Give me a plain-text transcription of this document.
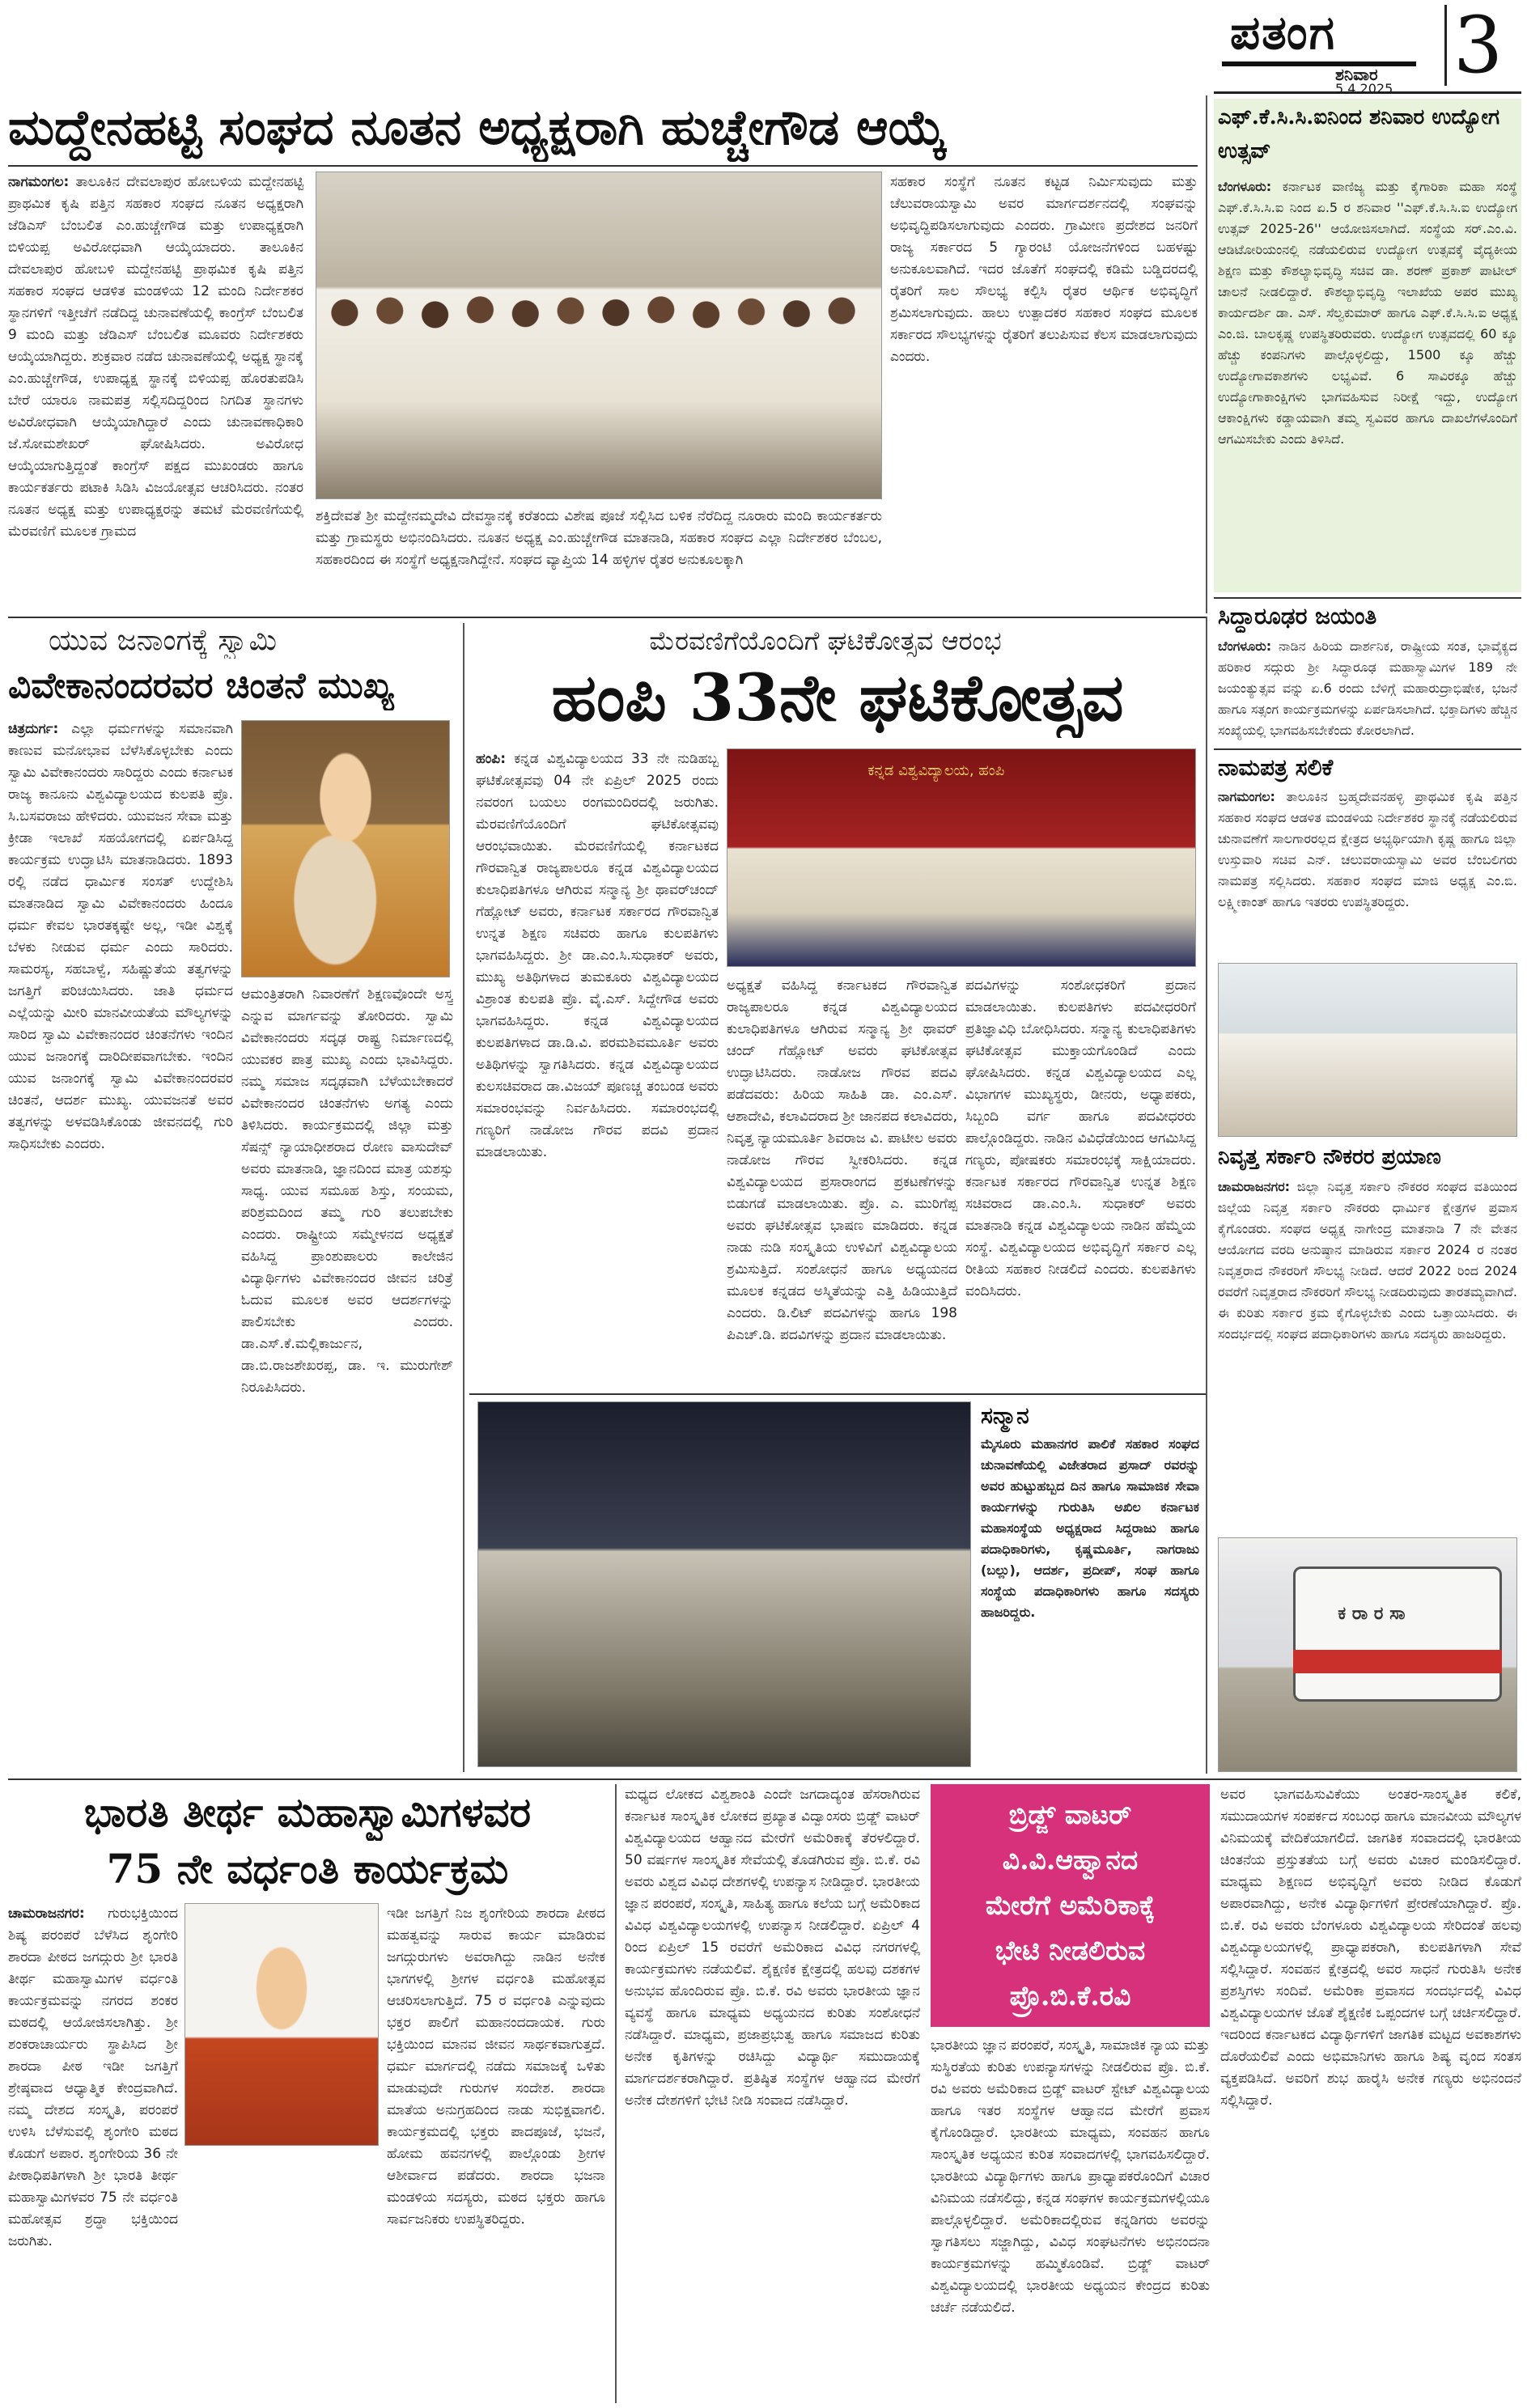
ಪತಂಗ
ಶನಿವಾರ
5.4.2025 3
ಮದ್ದೇನಹಟ್ಟಿ ಸಂಘದ ನೂತನ ಅಧ್ಯಕ್ಷರಾಗಿ ಹುಚ್ಚೇಗೌಡ ಆಯ್ಕೆ
ನಾಗಮಂಗಲ: ತಾಲೂಕಿನ ದೇವಲಾಪುರ ಹೋಬಳಿಯ ಮದ್ದೇನಹಟ್ಟಿ ಪ್ರಾಥಮಿಕ ಕೃಷಿ ಪತ್ತಿನ ಸಹಕಾರ ಸಂಘದ ನೂತನ ಅಧ್ಯಕ್ಷರಾಗಿ ಜೆಡಿಎಸ್ ಬೆಂಬಲಿತ ಎಂ.ಹುಚ್ಚೇಗೌಡ ಮತ್ತು ಉಪಾಧ್ಯಕ್ಷರಾಗಿ ಬಿಳಿಯಪ್ಪ ಅವಿರೋಧವಾಗಿ ಆಯ್ಕೆಯಾದರು. ತಾಲೂಕಿನ ದೇವಲಾಪುರ ಹೋಬಳಿ ಮದ್ದೇನಹಟ್ಟಿ ಪ್ರಾಥಮಿಕ ಕೃಷಿ ಪತ್ತಿನ ಸಹಕಾರ ಸಂಘದ ಆಡಳಿತ ಮಂಡಳಿಯ 12 ಮಂದಿ ನಿರ್ದೇಶಕರ ಸ್ಥಾನಗಳಿಗೆ ಇತ್ತೀಚೆಗೆ ನಡೆದಿದ್ದ ಚುನಾವಣೆಯಲ್ಲಿ ಕಾಂಗ್ರೆಸ್ ಬೆಂಬಲಿತ 9 ಮಂದಿ ಮತ್ತು ಜೆಡಿಎಸ್ ಬೆಂಬಲಿತ ಮೂವರು ನಿರ್ದೇಶಕರು ಆಯ್ಕೆಯಾಗಿದ್ದರು. ಶುಕ್ರವಾರ ನಡೆದ ಚುನಾವಣೆಯಲ್ಲಿ ಅಧ್ಯಕ್ಷ ಸ್ಥಾನಕ್ಕೆ ಎಂ.ಹುಚ್ಚೇಗೌಡ, ಉಪಾಧ್ಯಕ್ಷ ಸ್ಥಾನಕ್ಕೆ ಬಿಳಿಯಪ್ಪ ಹೊರತುಪಡಿಸಿ ಬೇರೆ ಯಾರೂ ನಾಮಪತ್ರ ಸಲ್ಲಿಸದಿದ್ದರಿಂದ ನಿಗದಿತ ಸ್ಥಾನಗಳು ಅವಿರೋಧವಾಗಿ ಆಯ್ಕೆಯಾಗಿದ್ದಾರೆ ಎಂದು ಚುನಾವಣಾಧಿಕಾರಿ ಜೆ.ಸೋಮಶೇಖರ್ ಘೋಷಿಸಿದರು. ಅವಿರೋಧ ಆಯ್ಕೆಯಾಗುತ್ತಿದ್ದಂತೆ ಕಾಂಗ್ರೆಸ್ ಪಕ್ಷದ ಮುಖಂಡರು ಹಾಗೂ ಕಾರ್ಯಕರ್ತರು ಪಟಾಕಿ ಸಿಡಿಸಿ ವಿಜಯೋತ್ಸವ ಆಚರಿಸಿದರು. ನಂತರ ನೂತನ ಅಧ್ಯಕ್ಷ ಮತ್ತು ಉಪಾಧ್ಯಕ್ಷರನ್ನು ತಮಟೆ ಮೆರವಣಿಗೆಯಲ್ಲಿ ಮೆರವಣಿಗೆ ಮೂಲಕ ಗ್ರಾಮದ
ಶಕ್ತಿದೇವತೆ ಶ್ರೀ ಮದ್ದೇನಮ್ಮದೇವಿ ದೇವಸ್ಥಾನಕ್ಕೆ ಕರೆತಂದು ವಿಶೇಷ ಪೂಜೆ ಸಲ್ಲಿಸಿದ ಬಳಿಕ ನೆರೆದಿದ್ದ ನೂರಾರು ಮಂದಿ ಕಾರ್ಯಕರ್ತರು ಮತ್ತು ಗ್ರಾಮಸ್ಥರು ಅಭಿನಂದಿಸಿದರು. ನೂತನ ಅಧ್ಯಕ್ಷ ಎಂ.ಹುಚ್ಚೇಗೌಡ ಮಾತನಾಡಿ, ಸಹಕಾರ ಸಂಘದ ಎಲ್ಲಾ ನಿರ್ದೇಶಕರ ಬೆಂಬಲ, ಸಹಕಾರದಿಂದ ಈ ಸಂಸ್ಥೆಗೆ ಅಧ್ಯಕ್ಷನಾಗಿದ್ದೇನೆ. ಸಂಘದ ವ್ಯಾಪ್ತಿಯ 14 ಹಳ್ಳಿಗಳ ರೈತರ ಅನುಕೂಲಕ್ಕಾಗಿ
ಸಹಕಾರ ಸಂಸ್ಥೆಗೆ ನೂತನ ಕಟ್ಟಡ ನಿರ್ಮಿಸುವುದು ಮತ್ತು ಚೆಲುವರಾಯಸ್ವಾಮಿ ಅವರ ಮಾರ್ಗದರ್ಶನದಲ್ಲಿ ಸಂಘವನ್ನು ಅಭಿವೃದ್ಧಿಪಡಿಸಲಾಗುವುದು ಎಂದರು. ಗ್ರಾಮೀಣ ಪ್ರದೇಶದ ಜನರಿಗೆ ರಾಜ್ಯ ಸರ್ಕಾರದ 5 ಗ್ಯಾರಂಟಿ ಯೋಜನೆಗಳಿಂದ ಬಹಳಷ್ಟು ಅನುಕೂಲವಾಗಿದೆ. ಇದರ ಜೊತೆಗೆ ಸಂಘದಲ್ಲಿ ಕಡಿಮೆ ಬಡ್ಡಿದರದಲ್ಲಿ ರೈತರಿಗೆ ಸಾಲ ಸೌಲಭ್ಯ ಕಲ್ಪಿಸಿ ರೈತರ ಆರ್ಥಿಕ ಅಭಿವೃದ್ಧಿಗೆ ಶ್ರಮಿಸಲಾಗುವುದು. ಹಾಲು ಉತ್ಪಾದಕರ ಸಹಕಾರ ಸಂಘದ ಮೂಲಕ ಸರ್ಕಾರದ ಸೌಲಭ್ಯಗಳನ್ನು ರೈತರಿಗೆ ತಲುಪಿಸುವ ಕೆಲಸ ಮಾಡಲಾಗುವುದು ಎಂದರು.
ಎಫ್.ಕೆ.ಸಿ.ಸಿ.ಐನಿಂದ ಶನಿವಾರ ಉದ್ಯೋಗ ಉತ್ಸವ್
ಬೆಂಗಳೂರು: ಕರ್ನಾಟಕ ವಾಣಿಜ್ಯ ಮತ್ತು ಕೈಗಾರಿಕಾ ಮಹಾ ಸಂಸ್ಥೆ ಎಫ್.ಕೆ.ಸಿ.ಸಿ.ಐ ನಿಂದ ಏ.5 ರ ಶನಿವಾರ ''ಎಫ್.ಕೆ.ಸಿ.ಸಿ.ಐ ಉದ್ಯೋಗ ಉತ್ಸವ್ 2025-26'' ಆಯೋಜಿಸಲಾಗಿದೆ. ಸಂಸ್ಥೆಯ ಸರ್.ಎಂ.ವಿ. ಆಡಿಟೋರಿಯಂನಲ್ಲಿ ನಡೆಯಲಿರುವ ಉದ್ಯೋಗ ಉತ್ಸವಕ್ಕೆ ವೈದ್ಯಕೀಯ ಶಿಕ್ಷಣ ಮತ್ತು ಕೌಶಲ್ಯಾಭಿವೃದ್ಧಿ ಸಚಿವ ಡಾ. ಶರಣ್ ಪ್ರಕಾಶ್ ಪಾಟೀಲ್ ಚಾಲನೆ ನೀಡಲಿದ್ದಾರೆ. ಕೌಶಲ್ಯಾಭಿವೃದ್ಧಿ ಇಲಾಖೆಯ ಅಪರ ಮುಖ್ಯ ಕಾರ್ಯದರ್ಶಿ ಡಾ. ಎಸ್. ಸೆಲ್ವಕುಮಾರ್ ಹಾಗೂ ಎಫ್.ಕೆ.ಸಿ.ಸಿ.ಐ ಅಧ್ಯಕ್ಷ ಎಂ.ಜಿ. ಬಾಲಕೃಷ್ಣ ಉಪಸ್ಥಿತರಿರುವರು. ಉದ್ಯೋಗ ಉತ್ಸವದಲ್ಲಿ 60 ಕ್ಕೂ ಹೆಚ್ಚು ಕಂಪನಿಗಳು ಪಾಲ್ಗೊಳ್ಳಲಿದ್ದು, 1500 ಕ್ಕೂ ಹೆಚ್ಚು ಉದ್ಯೋಗಾವಕಾಶಗಳು ಲಭ್ಯವಿವೆ. 6 ಸಾವಿರಕ್ಕೂ ಹೆಚ್ಚು ಉದ್ಯೋಗಾಕಾಂಕ್ಷಿಗಳು ಭಾಗವಹಿಸುವ ನಿರೀಕ್ಷೆ ಇದ್ದು, ಉದ್ಯೋಗ ಆಕಾಂಕ್ಷಿಗಳು ಕಡ್ಡಾಯವಾಗಿ ತಮ್ಮ ಸ್ವವಿವರ ಹಾಗೂ ದಾಖಲೆಗಳೊಂದಿಗೆ ಆಗಮಿಸಬೇಕು ಎಂದು ತಿಳಿಸಿದೆ.
ಸಿದ್ಧಾರೂಢರ ಜಯಂತಿ
ಬೆಂಗಳೂರು: ನಾಡಿನ ಹಿರಿಯ ದಾರ್ಶನಿಕ, ರಾಷ್ಟ್ರೀಯ ಸಂತ, ಭಾವೈಕ್ಯದ ಹರಿಕಾರ ಸದ್ಗುರು ಶ್ರೀ ಸಿದ್ಧಾರೂಢ ಮಹಾಸ್ವಾಮಿಗಳ 189 ನೇ ಜಯಂತ್ಯುತ್ಸವ ವನ್ನು ಏ.6 ರಂದು ಬೆಳಿಗ್ಗೆ ಮಹಾರುದ್ರಾಭಿಷೇಕ, ಭಜನೆ ಹಾಗೂ ಸತ್ಸಂಗ ಕಾರ್ಯಕ್ರಮಗಳನ್ನು ಏರ್ಪಡಿಸಲಾಗಿದೆ. ಭಕ್ತಾದಿಗಳು ಹೆಚ್ಚಿನ ಸಂಖ್ಯೆಯಲ್ಲಿ ಭಾಗವಹಿಸಬೇಕೆಂದು ಕೋರಲಾಗಿದೆ.
ನಾಮಪತ್ರ ಸಲಿಕೆ
ನಾಗಮಂಗಲ: ತಾಲೂಕಿನ ಬ್ರಹ್ಮದೇವನಹಳ್ಳಿ ಪ್ರಾಥಮಿಕ ಕೃಷಿ ಪತ್ತಿನ ಸಹಕಾರ ಸಂಘದ ಆಡಳಿತ ಮಂಡಳಿಯ ನಿರ್ದೇಶಕರ ಸ್ಥಾನಕ್ಕೆ ನಡೆಯಲಿರುವ ಚುನಾವಣೆಗೆ ಸಾಲಗಾರರಲ್ಲದ ಕ್ಷೇತ್ರದ ಅಭ್ಯರ್ಥಿಯಾಗಿ ಕೃಷ್ಣ ಹಾಗೂ ಜಿಲ್ಲಾ ಉಸ್ತುವಾರಿ ಸಚಿವ ಎನ್. ಚಲುವರಾಯಸ್ವಾಮಿ ಅವರ ಬೆಂಬಲಿಗರು ನಾಮಪತ್ರ ಸಲ್ಲಿಸಿದರು. ಸಹಕಾರ ಸಂಘದ ಮಾಜಿ ಅಧ್ಯಕ್ಷ ಎಂ.ಬಿ. ಲಕ್ಷ್ಮೀಕಾಂತ್ ಹಾಗೂ ಇತರರು ಉಪಸ್ಥಿತರಿದ್ದರು.
ನಿವೃತ್ತ ಸರ್ಕಾರಿ ನೌಕರರ ಪ್ರಯಾಣ
ಚಾಮರಾಜನಗರ: ಜಿಲ್ಲಾ ನಿವೃತ್ತ ಸರ್ಕಾರಿ ನೌಕರರ ಸಂಘದ ವತಿಯಿಂದ ಜಿಲ್ಲೆಯ ನಿವೃತ್ತ ಸರ್ಕಾರಿ ನೌಕರರು ಧಾರ್ಮಿಕ ಕ್ಷೇತ್ರಗಳ ಪ್ರವಾಸ ಕೈಗೊಂಡರು. ಸಂಘದ ಅಧ್ಯಕ್ಷ ನಾಗೇಂದ್ರ ಮಾತನಾಡಿ 7 ನೇ ವೇತನ ಆಯೋಗದ ವರದಿ ಅನುಷ್ಠಾನ ಮಾಡಿರುವ ಸರ್ಕಾರ 2024 ರ ನಂತರ ನಿವೃತ್ತರಾದ ನೌಕರರಿಗೆ ಸೌಲಭ್ಯ ನೀಡಿದೆ. ಆದರೆ 2022 ರಿಂದ 2024 ರವರೆಗೆ ನಿವೃತ್ತರಾದ ನೌಕರರಿಗೆ ಸೌಲಭ್ಯ ನೀಡದಿರುವುದು ತಾರತಮ್ಯವಾಗಿದೆ. ಈ ಕುರಿತು ಸರ್ಕಾರ ಕ್ರಮ ಕೈಗೊಳ್ಳಬೇಕು ಎಂದು ಒತ್ತಾಯಿಸಿದರು. ಈ ಸಂದರ್ಭದಲ್ಲಿ ಸಂಘದ ಪದಾಧಿಕಾರಿಗಳು ಹಾಗೂ ಸದಸ್ಯರು ಹಾಜರಿದ್ದರು.
ಕ ರಾ ರ ಸಾ
ಯುವ ಜನಾಂಗಕ್ಕೆ ಸ್ವಾಮಿ
ವಿವೇಕಾನಂದರವರ ಚಿಂತನೆ ಮುಖ್ಯ
ಚಿತ್ರದುರ್ಗ: ಎಲ್ಲಾ ಧರ್ಮಗಳನ್ನು ಸಮಾನವಾಗಿ ಕಾಣುವ ಮನೋಭಾವ ಬೆಳೆಸಿಕೊಳ್ಳಬೇಕು ಎಂದು ಸ್ವಾಮಿ ವಿವೇಕಾನಂದರು ಸಾರಿದ್ದರು ಎಂದು ಕರ್ನಾಟಕ ರಾಜ್ಯ ಕಾನೂನು ವಿಶ್ವವಿದ್ಯಾಲಯದ ಕುಲಪತಿ ಪ್ರೊ. ಸಿ.ಬಸವರಾಜು ಹೇಳಿದರು. ಯುವಜನ ಸೇವಾ ಮತ್ತು ಕ್ರೀಡಾ ಇಲಾಖೆ ಸಹಯೋಗದಲ್ಲಿ ಏರ್ಪಡಿಸಿದ್ದ ಕಾರ್ಯಕ್ರಮ ಉದ್ಘಾಟಿಸಿ ಮಾತನಾಡಿದರು. 1893 ರಲ್ಲಿ ನಡೆದ ಧಾರ್ಮಿಕ ಸಂಸತ್ ಉದ್ದೇಶಿಸಿ ಮಾತನಾಡಿದ ಸ್ವಾಮಿ ವಿವೇಕಾನಂದರು ಹಿಂದೂ ಧರ್ಮ ಕೇವಲ ಭಾರತಕ್ಕಷ್ಟೇ ಅಲ್ಲ, ಇಡೀ ವಿಶ್ವಕ್ಕೆ ಬೆಳಕು ನೀಡುವ ಧರ್ಮ ಎಂದು ಸಾರಿದರು. ಸಾಮರಸ್ಯ, ಸಹಬಾಳ್ವೆ, ಸಹಿಷ್ಣುತೆಯ ತತ್ವಗಳನ್ನು ಜಗತ್ತಿಗೆ ಪರಿಚಯಿಸಿದರು. ಜಾತಿ ಧರ್ಮದ ಎಲ್ಲೆಯನ್ನು ಮೀರಿ ಮಾನವೀಯತೆಯ ಮೌಲ್ಯಗಳನ್ನು ಸಾರಿದ ಸ್ವಾಮಿ ವಿವೇಕಾನಂದರ ಚಿಂತನೆಗಳು ಇಂದಿನ ಯುವ ಜನಾಂಗಕ್ಕೆ ದಾರಿದೀಪವಾಗಬೇಕು. ಇಂದಿನ ಯುವ ಜನಾಂಗಕ್ಕೆ ಸ್ವಾಮಿ ವಿವೇಕಾನಂದರವರ ಚಿಂತನೆ, ಆದರ್ಶ ಮುಖ್ಯ. ಯುವಜನತೆ ಅವರ ತತ್ವಗಳನ್ನು ಅಳವಡಿಸಿಕೊಂಡು ಜೀವನದಲ್ಲಿ ಗುರಿ ಸಾಧಿಸಬೇಕು ಎಂದರು.
ಆಮಂತ್ರಿತರಾಗಿ ನಿವಾರಣೆಗೆ ಶಿಕ್ಷಣವೊಂದೇ ಅಸ್ತ್ರ ಎನ್ನುವ ಮಾರ್ಗವನ್ನು ತೋರಿದರು. ಸ್ವಾಮಿ ವಿವೇಕಾನಂದರು ಸದೃಢ ರಾಷ್ಟ್ರ ನಿರ್ಮಾಣದಲ್ಲಿ ಯುವಕರ ಪಾತ್ರ ಮುಖ್ಯ ಎಂದು ಭಾವಿಸಿದ್ದರು. ನಮ್ಮ ಸಮಾಜ ಸದೃಢವಾಗಿ ಬೆಳೆಯಬೇಕಾದರೆ ವಿವೇಕಾನಂದರ ಚಿಂತನೆಗಳು ಅಗತ್ಯ ಎಂದು ತಿಳಿಸಿದರು. ಕಾರ್ಯಕ್ರಮದಲ್ಲಿ ಜಿಲ್ಲಾ ಮತ್ತು ಸೆಷನ್ಸ್ ನ್ಯಾಯಾಧೀಶರಾದ ರೋಣ ವಾಸುದೇವ್ ಅವರು ಮಾತನಾಡಿ, ಜ್ಞಾನದಿಂದ ಮಾತ್ರ ಯಶಸ್ಸು ಸಾಧ್ಯ. ಯುವ ಸಮೂಹ ಶಿಸ್ತು, ಸಂಯಮ, ಪರಿಶ್ರಮದಿಂದ ತಮ್ಮ ಗುರಿ ತಲುಪಬೇಕು ಎಂದರು. ರಾಷ್ಟ್ರೀಯ ಸಮ್ಮೇಳನದ ಅಧ್ಯಕ್ಷತೆ ವಹಿಸಿದ್ದ ಪ್ರಾಂಶುಪಾಲರು ಕಾಲೇಜಿನ ವಿದ್ಯಾರ್ಥಿಗಳು ವಿವೇಕಾನಂದರ ಜೀವನ ಚರಿತ್ರೆ ಓದುವ ಮೂಲಕ ಅವರ ಆದರ್ಶಗಳನ್ನು ಪಾಲಿಸಬೇಕು ಎಂದರು. ಡಾ.ಎಸ್.ಕೆ.ಮಲ್ಲಿಕಾರ್ಜುನ, ಡಾ.ಬಿ.ರಾಜಶೇಖರಪ್ಪ, ಡಾ. ಇ. ಮುರುಗೇಶ್ ನಿರೂಪಿಸಿದರು.
ಮೆರವಣಿಗೆಯೊಂದಿಗೆ ಘಟಿಕೋತ್ಸವ ಆರಂಭ
ಹಂಪಿ 33ನೇ ಘಟಿಕೋತ್ಸವ
ಹಂಪಿ: ಕನ್ನಡ ವಿಶ್ವವಿದ್ಯಾಲಯದ 33 ನೇ ನುಡಿಹಬ್ಬ ಘಟಿಕೋತ್ಸವವು 04 ನೇ ಏಪ್ರಿಲ್ 2025 ರಂದು ನವರಂಗ ಬಯಲು ರಂಗಮಂದಿರದಲ್ಲಿ ಜರುಗಿತು. ಮೆರವಣಿಗೆಯೊಂದಿಗೆ ಘಟಿಕೋತ್ಸವವು ಆರಂಭವಾಯಿತು. ಮೆರವಣಿಗೆಯಲ್ಲಿ ಕರ್ನಾಟಕದ ಗೌರವಾನ್ವಿತ ರಾಜ್ಯಪಾಲರೂ ಕನ್ನಡ ವಿಶ್ವವಿದ್ಯಾಲಯದ ಕುಲಾಧಿಪತಿಗಳೂ ಆಗಿರುವ ಸನ್ಮಾನ್ಯ ಶ್ರೀ ಥಾವರ್‌ಚಂದ್ ಗೆಹ್ಲೋಟ್ ಅವರು, ಕರ್ನಾಟಕ ಸರ್ಕಾರದ ಗೌರವಾನ್ವಿತ ಉನ್ನತ ಶಿಕ್ಷಣ ಸಚಿವರು ಹಾಗೂ ಕುಲಪತಿಗಳು ಭಾಗವಹಿಸಿದ್ದರು. ಶ್ರೀ ಡಾ.ಎಂ.ಸಿ.ಸುಧಾಕರ್ ಅವರು, ಮುಖ್ಯ ಅತಿಥಿಗಳಾದ ತುಮಕೂರು ವಿಶ್ವವಿದ್ಯಾಲಯದ ವಿಶ್ರಾಂತ ಕುಲಪತಿ ಪ್ರೊ. ವೈ.ಎಸ್. ಸಿದ್ದೇಗೌಡ ಅವರು ಭಾಗವಹಿಸಿದ್ದರು. ಕನ್ನಡ ವಿಶ್ವವಿದ್ಯಾಲಯದ ಕುಲಪತಿಗಳಾದ ಡಾ.ಡಿ.ವಿ. ಪರಮಶಿವಮೂರ್ತಿ ಅವರು ಅತಿಥಿಗಳನ್ನು ಸ್ವಾಗತಿಸಿದರು. ಕನ್ನಡ ವಿಶ್ವವಿದ್ಯಾಲಯದ ಕುಲಸಚಿವರಾದ ಡಾ.ವಿಜಯ್ ಪೂಣಚ್ಚ ತಂಬಂಡ ಅವರು ಸಮಾರಂಭವನ್ನು ನಿರ್ವಹಿಸಿದರು. ಸಮಾರಂಭದಲ್ಲಿ ಗಣ್ಯರಿಗೆ ನಾಡೋಜ ಗೌರವ ಪದವಿ ಪ್ರದಾನ ಮಾಡಲಾಯಿತು.
ಕನ್ನಡ ವಿಶ್ವವಿದ್ಯಾಲಯ, ಹಂಪಿ
ಅಧ್ಯಕ್ಷತೆ ವಹಿಸಿದ್ದ ಕರ್ನಾಟಕದ ಗೌರವಾನ್ವಿತ ರಾಜ್ಯಪಾಲರೂ ಕನ್ನಡ ವಿಶ್ವವಿದ್ಯಾಲಯದ ಕುಲಾಧಿಪತಿಗಳೂ ಆಗಿರುವ ಸನ್ಮಾನ್ಯ ಶ್ರೀ ಥಾವರ್ ಚಂದ್ ಗೆಹ್ಲೋಟ್ ಅವರು ಘಟಿಕೋತ್ಸವ ಉದ್ಘಾಟಿಸಿದರು. ನಾಡೋಜ ಗೌರವ ಪದವಿ ಪಡೆದವರು: ಹಿರಿಯ ಸಾಹಿತಿ ಡಾ. ಎಂ.ಎಸ್. ಆಶಾದೇವಿ, ಕಲಾವಿದರಾದ ಶ್ರೀ ಜಾನಪದ ಕಲಾವಿದರು, ನಿವೃತ್ತ ನ್ಯಾಯಮೂರ್ತಿ ಶಿವರಾಜ ವಿ. ಪಾಟೀಲ ಅವರು ನಾಡೋಜ ಗೌರವ ಸ್ವೀಕರಿಸಿದರು. ಕನ್ನಡ ವಿಶ್ವವಿದ್ಯಾಲಯದ ಪ್ರಸಾರಾಂಗದ ಪ್ರಕಟಣೆಗಳನ್ನು ಬಿಡುಗಡೆ ಮಾಡಲಾಯಿತು. ಪ್ರೊ. ಎ. ಮುರಿಗೆಪ್ಪ ಅವರು ಘಟಿಕೋತ್ಸವ ಭಾಷಣ ಮಾಡಿದರು. ಕನ್ನಡ ನಾಡು ನುಡಿ ಸಂಸ್ಕೃತಿಯ ಉಳಿವಿಗೆ ವಿಶ್ವವಿದ್ಯಾಲಯ ಶ್ರಮಿಸುತ್ತಿದೆ. ಸಂಶೋಧನೆ ಹಾಗೂ ಅಧ್ಯಯನದ ಮೂಲಕ ಕನ್ನಡದ ಅಸ್ಮಿತೆಯನ್ನು ಎತ್ತಿ ಹಿಡಿಯುತ್ತಿದೆ ಎಂದರು. ಡಿ.ಲಿಟ್ ಪದವಿಗಳನ್ನು ಹಾಗೂ 198 ಪಿಎಚ್.ಡಿ. ಪದವಿಗಳನ್ನು ಪ್ರದಾನ ಮಾಡಲಾಯಿತು.
ಪದವಿಗಳನ್ನು ಸಂಶೋಧಕರಿಗೆ ಪ್ರದಾನ ಮಾಡಲಾಯಿತು. ಕುಲಪತಿಗಳು ಪದವೀಧರರಿಗೆ ಪ್ರತಿಜ್ಞಾವಿಧಿ ಬೋಧಿಸಿದರು. ಸನ್ಮಾನ್ಯ ಕುಲಾಧಿಪತಿಗಳು ಘಟಿಕೋತ್ಸವ ಮುಕ್ತಾಯಗೊಂಡಿದೆ ಎಂದು ಘೋಷಿಸಿದರು. ಕನ್ನಡ ವಿಶ್ವವಿದ್ಯಾಲಯದ ಎಲ್ಲ ವಿಭಾಗಗಳ ಮುಖ್ಯಸ್ಥರು, ಡೀನರು, ಅಧ್ಯಾಪಕರು, ಸಿಬ್ಬಂದಿ ವರ್ಗ ಹಾಗೂ ಪದವೀಧರರು ಪಾಲ್ಗೊಂಡಿದ್ದರು. ನಾಡಿನ ವಿವಿಧೆಡೆಯಿಂದ ಆಗಮಿಸಿದ್ದ ಗಣ್ಯರು, ಪೋಷಕರು ಸಮಾರಂಭಕ್ಕೆ ಸಾಕ್ಷಿಯಾದರು. ಕರ್ನಾಟಕ ಸರ್ಕಾರದ ಗೌರವಾನ್ವಿತ ಉನ್ನತ ಶಿಕ್ಷಣ ಸಚಿವರಾದ ಡಾ.ಎಂ.ಸಿ. ಸುಧಾಕರ್ ಅವರು ಮಾತನಾಡಿ ಕನ್ನಡ ವಿಶ್ವವಿದ್ಯಾಲಯ ನಾಡಿನ ಹೆಮ್ಮೆಯ ಸಂಸ್ಥೆ. ವಿಶ್ವವಿದ್ಯಾಲಯದ ಅಭಿವೃದ್ಧಿಗೆ ಸರ್ಕಾರ ಎಲ್ಲ ರೀತಿಯ ಸಹಕಾರ ನೀಡಲಿದೆ ಎಂದರು. ಕುಲಪತಿಗಳು ವಂದಿಸಿದರು.
ಸನ್ಮಾನ
ಮೈಸೂರು ಮಹಾನಗರ ಪಾಲಿಕೆ ಸಹಕಾರ ಸಂಘದ ಚುನಾವಣೆಯಲ್ಲಿ ವಿಜೇತರಾದ ಪ್ರಸಾದ್ ರವರನ್ನು ಅವರ ಹುಟ್ಟುಹಬ್ಬದ ದಿನ ಹಾಗೂ ಸಾಮಾಜಿಕ ಸೇವಾ ಕಾರ್ಯಗಳನ್ನು ಗುರುತಿಸಿ ಅಖಿಲ ಕರ್ನಾಟಕ ಮಹಾಸಂಸ್ಥೆಯ ಅಧ್ಯಕ್ಷರಾದ ಸಿದ್ದರಾಜು ಹಾಗೂ ಪದಾಧಿಕಾರಿಗಳು, ಕೃಷ್ಣಮೂರ್ತಿ, ನಾಗರಾಜು (ಬಲ್ಲು), ಆದರ್ಶ, ಪ್ರದೀಪ್, ಸಂಘ ಹಾಗೂ ಸಂಸ್ಥೆಯ ಪದಾಧಿಕಾರಿಗಳು ಹಾಗೂ ಸದಸ್ಯರು ಹಾಜರಿದ್ದರು.
ಭಾರತಿ ತೀರ್ಥ ಮಹಾಸ್ವಾಮಿಗಳವರ
75 ನೇ ವರ್ಧಂತಿ ಕಾರ್ಯಕ್ರಮ
ಚಾಮರಾಜನಗರ: ಗುರುಭಕ್ತಿಯಿಂದ ಶಿಷ್ಯ ಪರಂಪರೆ ಬೆಳೆಸಿದ ಶೃಂಗೇರಿ ಶಾರದಾ ಪೀಠದ ಜಗದ್ಗುರು ಶ್ರೀ ಭಾರತಿ ತೀರ್ಥ ಮಹಾಸ್ವಾಮಿಗಳ ವರ್ಧಂತಿ ಕಾರ್ಯಕ್ರಮವನ್ನು ನಗರದ ಶಂಕರ ಮಠದಲ್ಲಿ ಆಯೋಜಿಸಲಾಗಿತ್ತು. ಶ್ರೀ ಶಂಕರಾಚಾರ್ಯರು ಸ್ಥಾಪಿಸಿದ ಶ್ರೀ ಶಾರದಾ ಪೀಠ ಇಡೀ ಜಗತ್ತಿಗೆ ಶ್ರೇಷ್ಠವಾದ ಆಧ್ಯಾತ್ಮಿಕ ಕೇಂದ್ರವಾಗಿದೆ. ನಮ್ಮ ದೇಶದ ಸಂಸ್ಕೃತಿ, ಪರಂಪರೆ ಉಳಿಸಿ ಬೆಳೆಸುವಲ್ಲಿ ಶೃಂಗೇರಿ ಮಠದ ಕೊಡುಗೆ ಅಪಾರ. ಶೃಂಗೇರಿಯ 36 ನೇ ಪೀಠಾಧಿಪತಿಗಳಾಗಿ ಶ್ರೀ ಭಾರತಿ ತೀರ್ಥ ಮಹಾಸ್ವಾಮಿಗಳವರ 75 ನೇ ವರ್ಧಂತಿ ಮಹೋತ್ಸವ ಶ್ರದ್ಧಾ ಭಕ್ತಿಯಿಂದ ಜರುಗಿತು.
ಇಡೀ ಜಗತ್ತಿಗೆ ನಿಜ ಶೃಂಗೇರಿಯ ಶಾರದಾ ಪೀಠದ ಮಹತ್ವವನ್ನು ಸಾರುವ ಕಾರ್ಯ ಮಾಡಿರುವ ಜಗದ್ಗುರುಗಳು ಅವರಾಗಿದ್ದು ನಾಡಿನ ಅನೇಕ ಭಾಗಗಳಲ್ಲಿ ಶ್ರೀಗಳ ವರ್ಧಂತಿ ಮಹೋತ್ಸವ ಆಚರಿಸಲಾಗುತ್ತಿದೆ. 75 ರ ವರ್ಧಂತಿ ಎನ್ನುವುದು ಭಕ್ತರ ಪಾಲಿಗೆ ಮಹಾನಂದದಾಯಕ. ಗುರು ಭಕ್ತಿಯಿಂದ ಮಾನವ ಜೀವನ ಸಾರ್ಥಕವಾಗುತ್ತದೆ. ಧರ್ಮ ಮಾರ್ಗದಲ್ಲಿ ನಡೆದು ಸಮಾಜಕ್ಕೆ ಒಳಿತು ಮಾಡುವುದೇ ಗುರುಗಳ ಸಂದೇಶ. ಶಾರದಾ ಮಾತೆಯ ಅನುಗ್ರಹದಿಂದ ನಾಡು ಸುಭಿಕ್ಷವಾಗಲಿ. ಕಾರ್ಯಕ್ರಮದಲ್ಲಿ ಭಕ್ತರು ಪಾದಪೂಜೆ, ಭಜನೆ, ಹೋಮ ಹವನಗಳಲ್ಲಿ ಪಾಲ್ಗೊಂಡು ಶ್ರೀಗಳ ಆಶೀರ್ವಾದ ಪಡೆದರು. ಶಾರದಾ ಭಜನಾ ಮಂಡಳಿಯ ಸದಸ್ಯರು, ಮಠದ ಭಕ್ತರು ಹಾಗೂ ಸಾರ್ವಜನಿಕರು ಉಪಸ್ಥಿತರಿದ್ದರು.
ಮಧ್ಯದ ಲೋಕದ ವಿಶ್ವಶಾಂತಿ ಎಂದೇ ಜಗದಾದ್ಯಂತ ಹೆಸರಾಗಿರುವ ಕರ್ನಾಟಕ ಸಾಂಸ್ಕೃತಿಕ ಲೋಕದ ಪ್ರಖ್ಯಾತ ವಿದ್ವಾಂಸರು ಬ್ರಿಡ್ಜ್ ವಾಟರ್ ವಿಶ್ವವಿದ್ಯಾಲಯದ ಆಹ್ವಾನದ ಮೇರೆಗೆ ಅಮೆರಿಕಾಕ್ಕೆ ತೆರಳಲಿದ್ದಾರೆ. 50 ವರ್ಷಗಳ ಸಾಂಸ್ಕೃತಿಕ ಸೇವೆಯಲ್ಲಿ ತೊಡಗಿರುವ ಪ್ರೊ. ಬಿ.ಕೆ. ರವಿ ಅವರು ವಿಶ್ವದ ವಿವಿಧ ದೇಶಗಳಲ್ಲಿ ಉಪನ್ಯಾಸ ನೀಡಿದ್ದಾರೆ. ಭಾರತೀಯ ಜ್ಞಾನ ಪರಂಪರೆ, ಸಂಸ್ಕೃತಿ, ಸಾಹಿತ್ಯ ಹಾಗೂ ಕಲೆಯ ಬಗ್ಗೆ ಅಮೆರಿಕಾದ ವಿವಿಧ ವಿಶ್ವವಿದ್ಯಾಲಯಗಳಲ್ಲಿ ಉಪನ್ಯಾಸ ನೀಡಲಿದ್ದಾರೆ. ಏಪ್ರಿಲ್ 4 ರಿಂದ ಏಪ್ರಿಲ್ 15 ರವರೆಗೆ ಅಮೆರಿಕಾದ ವಿವಿಧ ನಗರಗಳಲ್ಲಿ ಕಾರ್ಯಕ್ರಮಗಳು ನಡೆಯಲಿವೆ. ಶೈಕ್ಷಣಿಕ ಕ್ಷೇತ್ರದಲ್ಲಿ ಹಲವು ದಶಕಗಳ ಅನುಭವ ಹೊಂದಿರುವ ಪ್ರೊ. ಬಿ.ಕೆ. ರವಿ ಅವರು ಭಾರತೀಯ ಜ್ಞಾನ ವ್ಯವಸ್ಥೆ ಹಾಗೂ ಮಾಧ್ಯಮ ಅಧ್ಯಯನದ ಕುರಿತು ಸಂಶೋಧನೆ ನಡೆಸಿದ್ದಾರೆ. ಮಾಧ್ಯಮ, ಪ್ರಜಾಪ್ರಭುತ್ವ ಹಾಗೂ ಸಮಾಜದ ಕುರಿತು ಅನೇಕ ಕೃತಿಗಳನ್ನು ರಚಿಸಿದ್ದು ವಿದ್ಯಾರ್ಥಿ ಸಮುದಾಯಕ್ಕೆ ಮಾರ್ಗದರ್ಶಕರಾಗಿದ್ದಾರೆ. ಪ್ರತಿಷ್ಠಿತ ಸಂಸ್ಥೆಗಳ ಆಹ್ವಾನದ ಮೇರೆಗೆ ಅನೇಕ ದೇಶಗಳಿಗೆ ಭೇಟಿ ನೀಡಿ ಸಂವಾದ ನಡೆಸಿದ್ದಾರೆ.
ಬ್ರಿಡ್ಜ್ ವಾಟರ್
ವಿ.ವಿ.ಆಹ್ವಾನದ
ಮೇರೆಗೆ ಅಮೆರಿಕಾಕ್ಕೆ
ಭೇಟಿ ನೀಡಲಿರುವ
ಪ್ರೊ.ಬಿ.ಕೆ.ರವಿ
ಭಾರತೀಯ ಜ್ಞಾನ ಪರಂಪರೆ, ಸಂಸ್ಕೃತಿ, ಸಾಮಾಜಿಕ ನ್ಯಾಯ ಮತ್ತು ಸುಸ್ಥಿರತೆಯ ಕುರಿತು ಉಪನ್ಯಾಸಗಳನ್ನು ನೀಡಲಿರುವ ಪ್ರೊ. ಬಿ.ಕೆ. ರವಿ ಅವರು ಅಮೆರಿಕಾದ ಬ್ರಿಡ್ಜ್ ವಾಟರ್ ಸ್ಟೇಟ್ ವಿಶ್ವವಿದ್ಯಾಲಯ ಹಾಗೂ ಇತರ ಸಂಸ್ಥೆಗಳ ಆಹ್ವಾನದ ಮೇರೆಗೆ ಪ್ರವಾಸ ಕೈಗೊಂಡಿದ್ದಾರೆ. ಭಾರತೀಯ ಮಾಧ್ಯಮ, ಸಂವಹನ ಹಾಗೂ ಸಾಂಸ್ಕೃತಿಕ ಅಧ್ಯಯನ ಕುರಿತ ಸಂವಾದಗಳಲ್ಲಿ ಭಾಗವಹಿಸಲಿದ್ದಾರೆ. ಭಾರತೀಯ ವಿದ್ಯಾರ್ಥಿಗಳು ಹಾಗೂ ಪ್ರಾಧ್ಯಾಪಕರೊಂದಿಗೆ ವಿಚಾರ ವಿನಿಮಯ ನಡೆಸಲಿದ್ದು, ಕನ್ನಡ ಸಂಘಗಳ ಕಾರ್ಯಕ್ರಮಗಳಲ್ಲಿಯೂ ಪಾಲ್ಗೊಳ್ಳಲಿದ್ದಾರೆ. ಅಮೆರಿಕಾದಲ್ಲಿರುವ ಕನ್ನಡಿಗರು ಅವರನ್ನು ಸ್ವಾಗತಿಸಲು ಸಜ್ಜಾಗಿದ್ದು, ವಿವಿಧ ಸಂಘಟನೆಗಳು ಅಭಿನಂದನಾ ಕಾರ್ಯಕ್ರಮಗಳನ್ನು ಹಮ್ಮಿಕೊಂಡಿವೆ. ಬ್ರಿಡ್ಜ್ ವಾಟರ್ ವಿಶ್ವವಿದ್ಯಾಲಯದಲ್ಲಿ ಭಾರತೀಯ ಅಧ್ಯಯನ ಕೇಂದ್ರದ ಕುರಿತು ಚರ್ಚೆ ನಡೆಯಲಿದೆ.
ಅವರ ಭಾಗವಹಿಸುವಿಕೆಯು ಅಂತರ-ಸಾಂಸ್ಕೃತಿಕ ಕಲಿಕೆ, ಸಮುದಾಯಗಳ ಸಂಪರ್ಕದ ಸಂಬಂಧ ಹಾಗೂ ಮಾನವೀಯ ಮೌಲ್ಯಗಳ ವಿನಿಮಯಕ್ಕೆ ವೇದಿಕೆಯಾಗಲಿದೆ. ಜಾಗತಿಕ ಸಂವಾದದಲ್ಲಿ ಭಾರತೀಯ ಚಿಂತನೆಯ ಪ್ರಸ್ತುತತೆಯ ಬಗ್ಗೆ ಅವರು ವಿಚಾರ ಮಂಡಿಸಲಿದ್ದಾರೆ. ಮಾಧ್ಯಮ ಶಿಕ್ಷಣದ ಅಭಿವೃದ್ಧಿಗೆ ಅವರು ನೀಡಿದ ಕೊಡುಗೆ ಅಪಾರವಾಗಿದ್ದು, ಅನೇಕ ವಿದ್ಯಾರ್ಥಿಗಳಿಗೆ ಪ್ರೇರಣೆಯಾಗಿದ್ದಾರೆ. ಪ್ರೊ. ಬಿ.ಕೆ. ರವಿ ಅವರು ಬೆಂಗಳೂರು ವಿಶ್ವವಿದ್ಯಾಲಯ ಸೇರಿದಂತೆ ಹಲವು ವಿಶ್ವವಿದ್ಯಾಲಯಗಳಲ್ಲಿ ಪ್ರಾಧ್ಯಾಪಕರಾಗಿ, ಕುಲಪತಿಗಳಾಗಿ ಸೇವೆ ಸಲ್ಲಿಸಿದ್ದಾರೆ. ಸಂವಹನ ಕ್ಷೇತ್ರದಲ್ಲಿ ಅವರ ಸಾಧನೆ ಗುರುತಿಸಿ ಅನೇಕ ಪ್ರಶಸ್ತಿಗಳು ಸಂದಿವೆ. ಅಮೆರಿಕಾ ಪ್ರವಾಸದ ಸಂದರ್ಭದಲ್ಲಿ ವಿವಿಧ ವಿಶ್ವವಿದ್ಯಾಲಯಗಳ ಜೊತೆ ಶೈಕ್ಷಣಿಕ ಒಪ್ಪಂದಗಳ ಬಗ್ಗೆ ಚರ್ಚಿಸಲಿದ್ದಾರೆ. ಇದರಿಂದ ಕರ್ನಾಟಕದ ವಿದ್ಯಾರ್ಥಿಗಳಿಗೆ ಜಾಗತಿಕ ಮಟ್ಟದ ಅವಕಾಶಗಳು ದೊರೆಯಲಿವೆ ಎಂದು ಅಭಿಮಾನಿಗಳು ಹಾಗೂ ಶಿಷ್ಯ ವೃಂದ ಸಂತಸ ವ್ಯಕ್ತಪಡಿಸಿದೆ. ಅವರಿಗೆ ಶುಭ ಹಾರೈಸಿ ಅನೇಕ ಗಣ್ಯರು ಅಭಿನಂದನೆ ಸಲ್ಲಿಸಿದ್ದಾರೆ.
